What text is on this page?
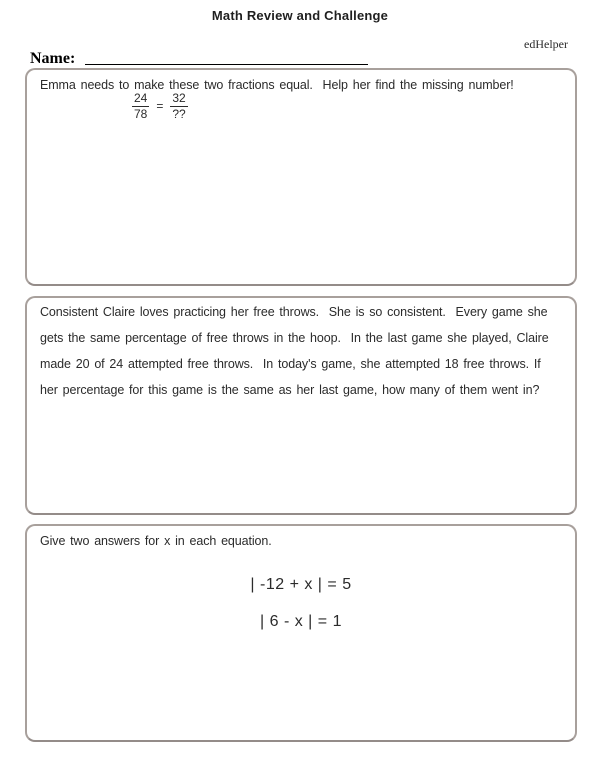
Math Review and Challenge
edHelper
Name:
Emma needs to make these two fractions equal.  Help her find the missing number!
$\frac{24}{78} = \frac{32}{??}$
Consistent Claire loves practicing her free throws.  She is so consistent.  Every game she
gets the same percentage of free throws in the hoop.  In the last game she played, Claire
made 20 of 24 attempted free throws.  In today's game, she attempted 18 free throws. If
her percentage for this game is the same as her last game, how many of them went in?
Give two answers for x in each equation.
| -12 + x | = 5
| 6 - x | = 1
